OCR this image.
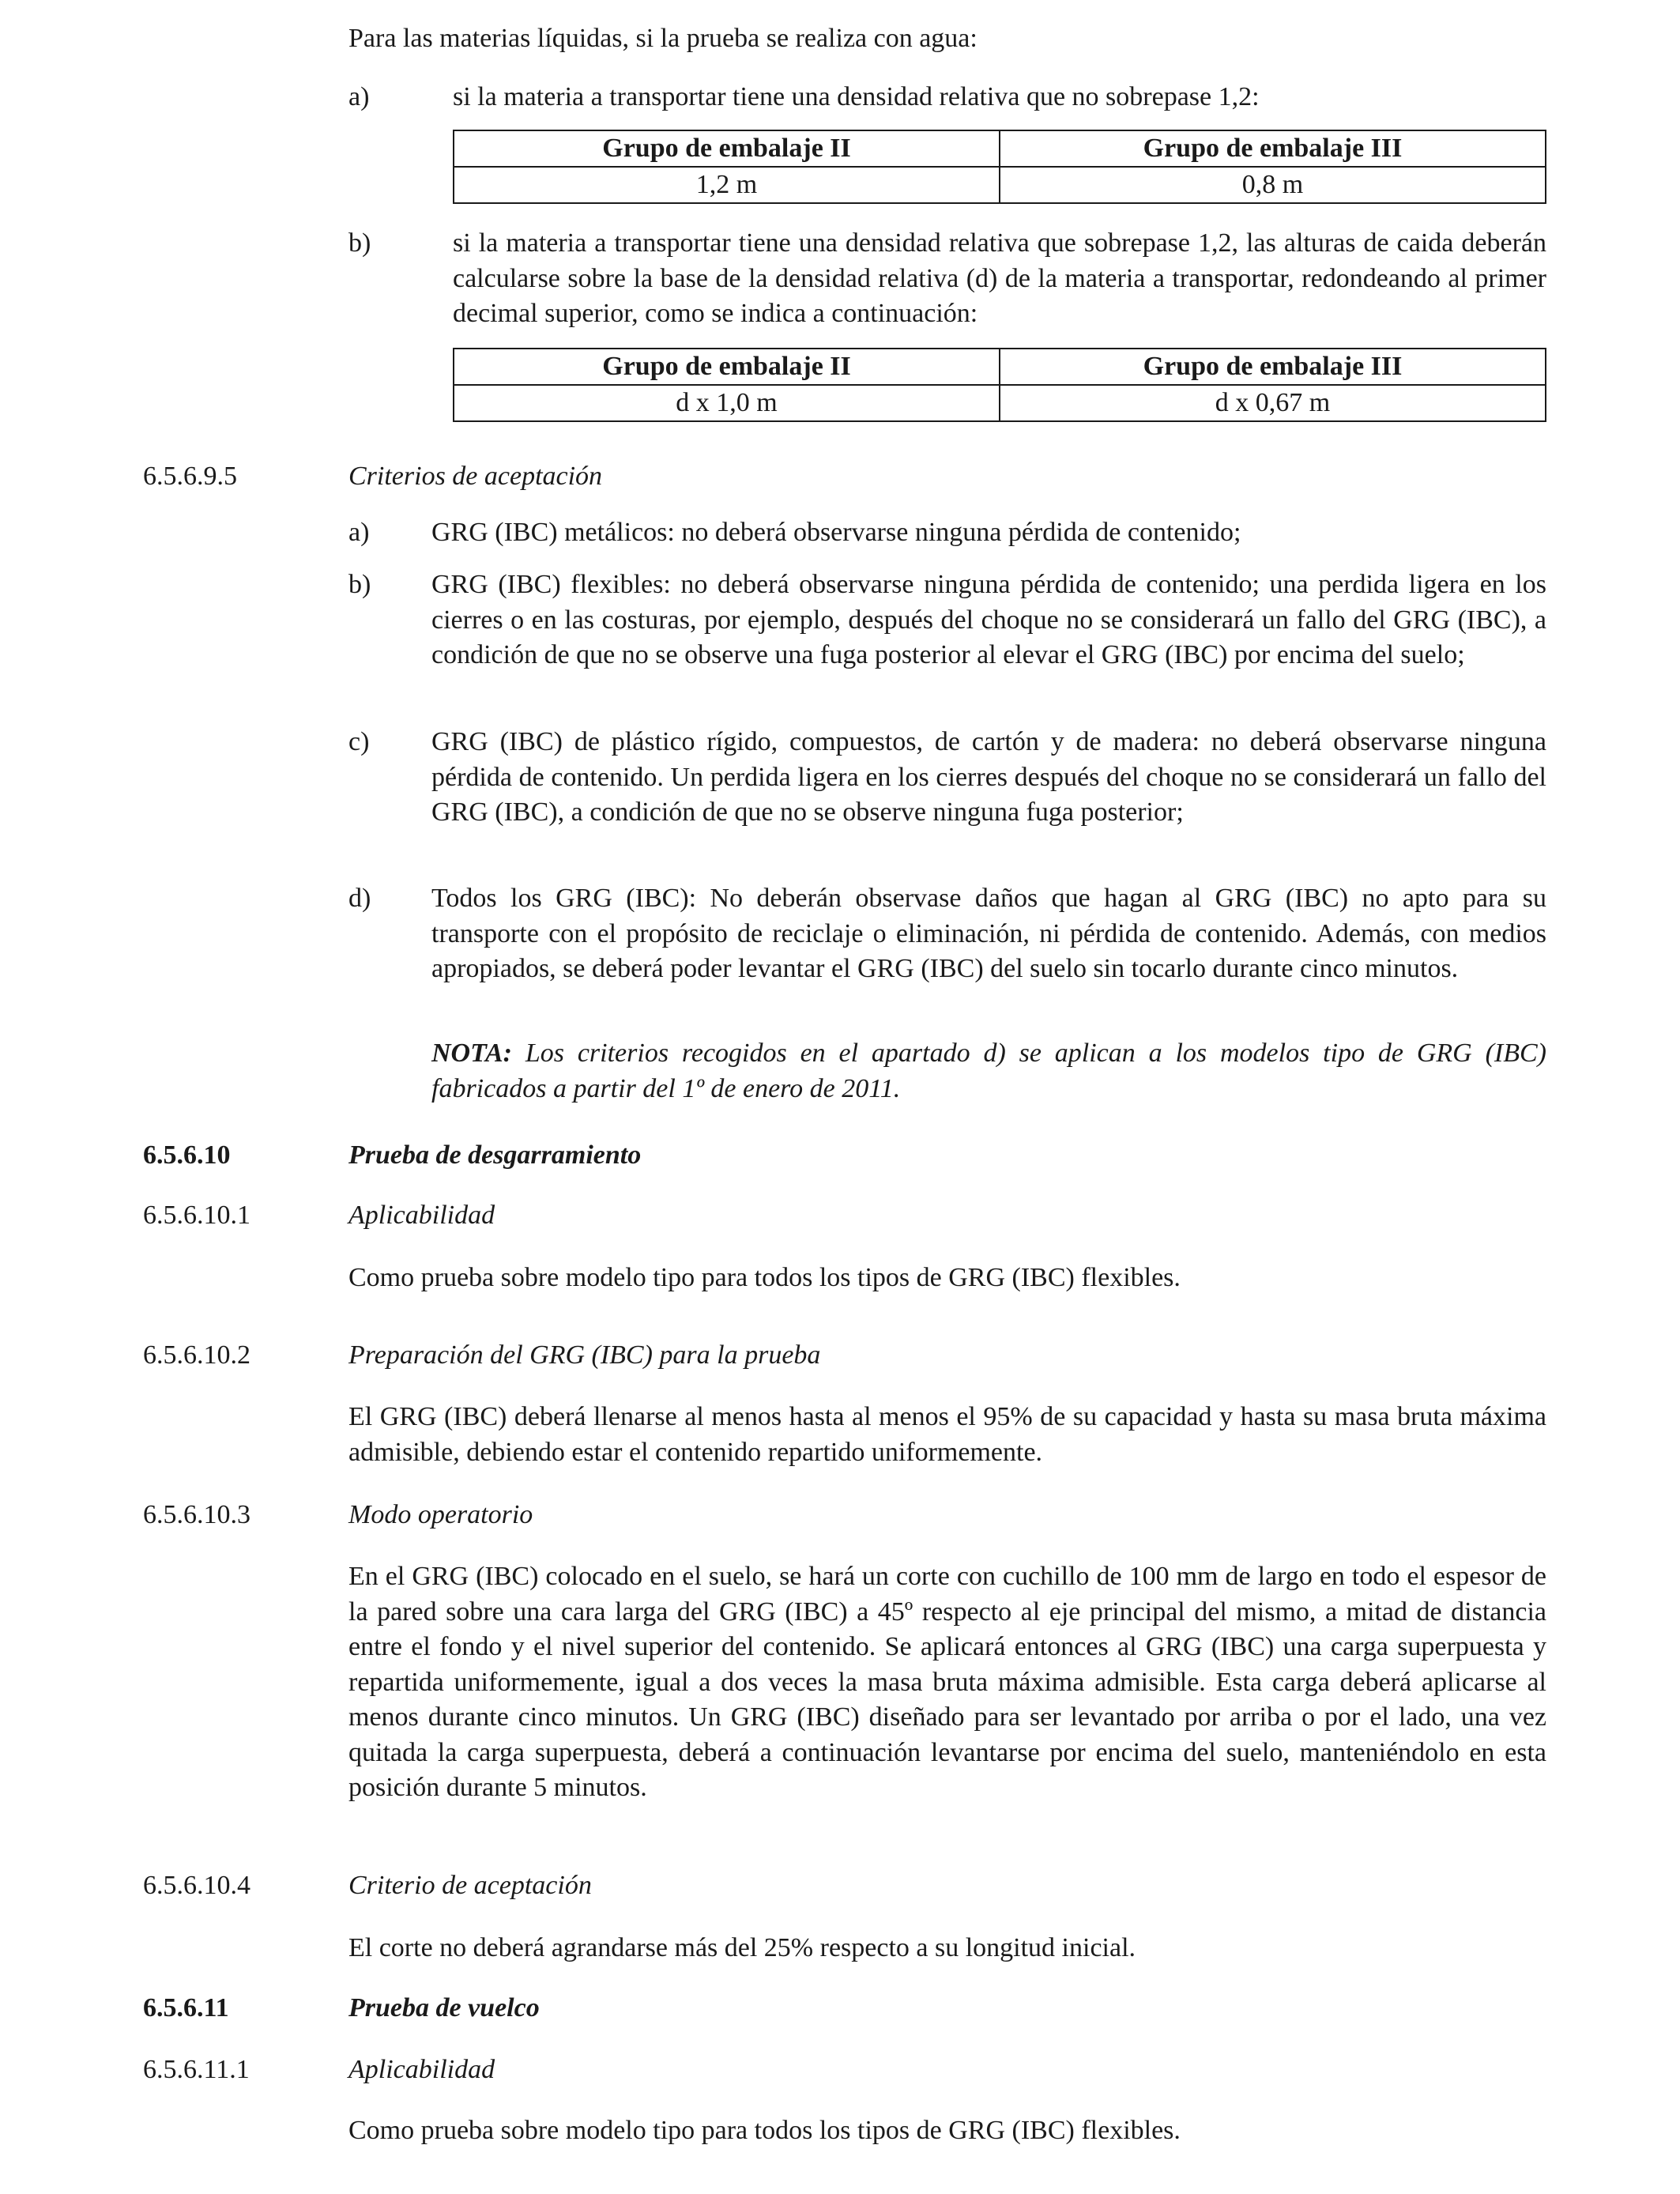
Para las materias líquidas, si la prueba se realiza con agua:

a)	si la materia a transportar tiene una densidad relativa que no sobrepase 1,2:

Grupo de embalaje II	Grupo de embalaje III
1,2 m	0,8 m

b)	si la materia a transportar tiene una densidad relativa que sobrepase 1,2, las alturas de caida deberán calcularse sobre la base de la densidad relativa (d) de la materia a transportar, redondeando al primer decimal superior, como se indica a continuación:

Grupo de embalaje II	Grupo de embalaje III
d x 1,0 m	d x 0,67 m

6.5.6.9.5	Criterios de aceptación

a) GRG (IBC) metálicos: no deberá observarse ninguna pérdida de contenido;

b) GRG (IBC) flexibles: no deberá observarse ninguna pérdida de contenido; una perdida ligera en los cierres o en las costuras, por ejemplo, después del choque no se considerará un fallo del GRG (IBC), a condición de que no se observe una fuga posterior al elevar el GRG (IBC) por encima del suelo;

c) GRG (IBC) de plástico rígido, compuestos, de cartón y de madera: no deberá observarse ninguna pérdida de contenido. Un perdida ligera en los cierres después del choque no se considerará un fallo del GRG (IBC), a condición de que no se observe ninguna fuga posterior;

d) Todos los GRG (IBC): No deberán observase daños que hagan al GRG (IBC) no apto para su transporte con el propósito de reciclaje o eliminación, ni pérdida de contenido. Además, con medios apropiados, se deberá poder levantar el GRG (IBC) del suelo sin tocarlo durante cinco minutos.

NOTA: Los criterios recogidos en el apartado d) se aplican a los modelos tipo de GRG (IBC) fabricados a partir del 1º de enero de 2011.

6.5.6.10	Prueba de desgarramiento

6.5.6.10.1	Aplicabilidad

Como prueba sobre modelo tipo para todos los tipos de GRG (IBC) flexibles.

6.5.6.10.2	Preparación del GRG (IBC) para la prueba

El GRG (IBC) deberá llenarse al menos hasta al menos el 95% de su capacidad y hasta su masa bruta máxima admisible, debiendo estar el contenido repartido uniformemente.

6.5.6.10.3	Modo operatorio

En el GRG (IBC) colocado en el suelo, se hará un corte con cuchillo de 100 mm de largo en todo el espesor de la pared sobre una cara larga del GRG (IBC) a 45º respecto al eje principal del mismo, a mitad de distancia entre el fondo y el nivel superior del contenido. Se aplicará entonces al GRG (IBC) una carga superpuesta y repartida uniformemente, igual a dos veces la masa bruta máxima admisible. Esta carga deberá aplicarse al menos durante cinco minutos. Un GRG (IBC) diseñado para ser levantado por arriba o por el lado, una vez quitada la carga superpuesta, deberá a continuación levantarse por encima del suelo, manteniéndolo en esta posición durante 5 minutos.

6.5.6.10.4	Criterio de aceptación

El corte no deberá agrandarse más del 25% respecto a su longitud inicial.

6.5.6.11	Prueba de vuelco

6.5.6.11.1	Aplicabilidad

Como prueba sobre modelo tipo para todos los tipos de GRG (IBC) flexibles.
